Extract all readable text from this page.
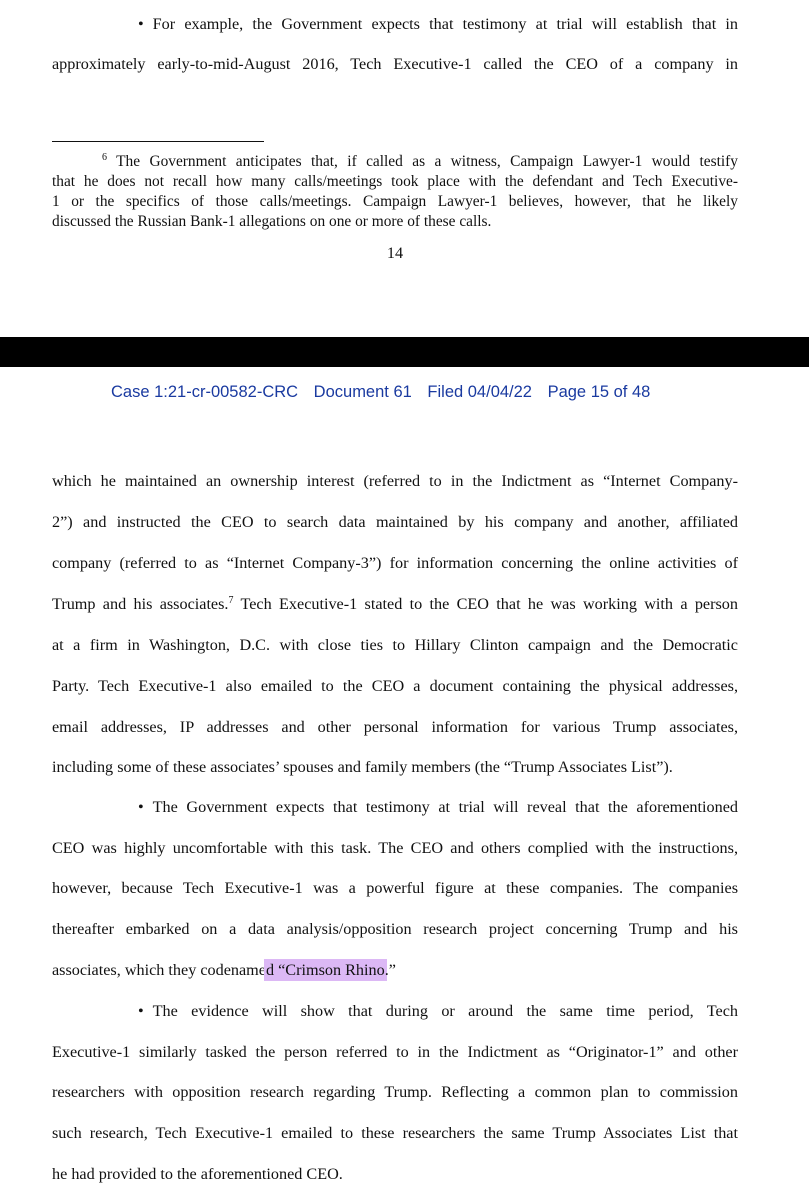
• For example, the Government expects that testimony at trial will establish that in
approximately early-to-mid-August 2016, Tech Executive-1 called the CEO of a company in
$^6$ The Government anticipates that, if called as a witness, Campaign Lawyer-1 would testify
that he does not recall how many calls/meetings took place with the defendant and Tech Executive-
1 or the specifics of those calls/meetings. Campaign Lawyer-1 believes, however, that he likely
discussed the Russian Bank-1 allegations on one or more of these calls.
14
Case 1:21-cr-00582-CRC Document 61 Filed 04/04/22 Page 15 of 48
which he maintained an ownership interest (referred to in the Indictment as “Internet Company-
2”) and instructed the CEO to search data maintained by his company and another, affiliated
company (referred to as “Internet Company-3”) for information concerning the online activities of
Trump and his associates.$^7$ Tech Executive-1 stated to the CEO that he was working with a person
at a firm in Washington, D.C. with close ties to Hillary Clinton campaign and the Democratic
Party. Tech Executive-1 also emailed to the CEO a document containing the physical addresses,
email addresses, IP addresses and other personal information for various Trump associates,
including some of these associates’ spouses and family members (the “Trump Associates List”).
• The Government expects that testimony at trial will reveal that the aforementioned
CEO was highly uncomfortable with this task. The CEO and others complied with the instructions,
however, because Tech Executive-1 was a powerful figure at these companies. The companies
thereafter embarked on a data analysis/opposition research project concerning Trump and his
associates, which they codenamed “Crimson Rhino.”
• The evidence will show that during or around the same time period, Tech
Executive-1 similarly tasked the person referred to in the Indictment as “Originator-1” and other
researchers with opposition research regarding Trump. Reflecting a common plan to commission
such research, Tech Executive-1 emailed to these researchers the same Trump Associates List that
he had provided to the aforementioned CEO.
